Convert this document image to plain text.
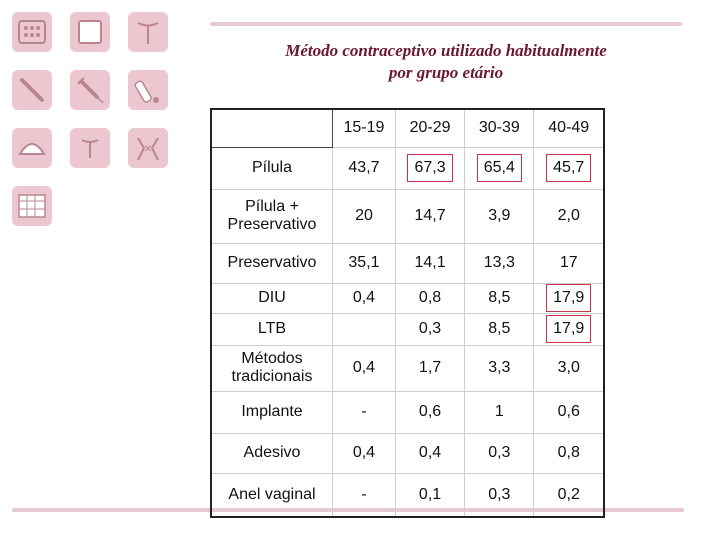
✕
Método contraceptivo utilizado habitualmente
por grupo etário
	15-19	20-29	30-39	40-49
Pílula	43,7	67,3	65,4	45,7

Pílula +
Preservativo	20	14,7	3,9	2,0
Preservativo	35,1	14,1	13,3	17
DIU	0,4	0,8	8,5	17,9
LTB		0,3	8,5	17,9

Métodos
tradicionais	0,4	1,7	3,3	3,0
Implante	-	0,6	1	0,6
Adesivo	0,4	0,4	0,3	0,8
Anel vaginal	-	0,1	0,3	0,2
